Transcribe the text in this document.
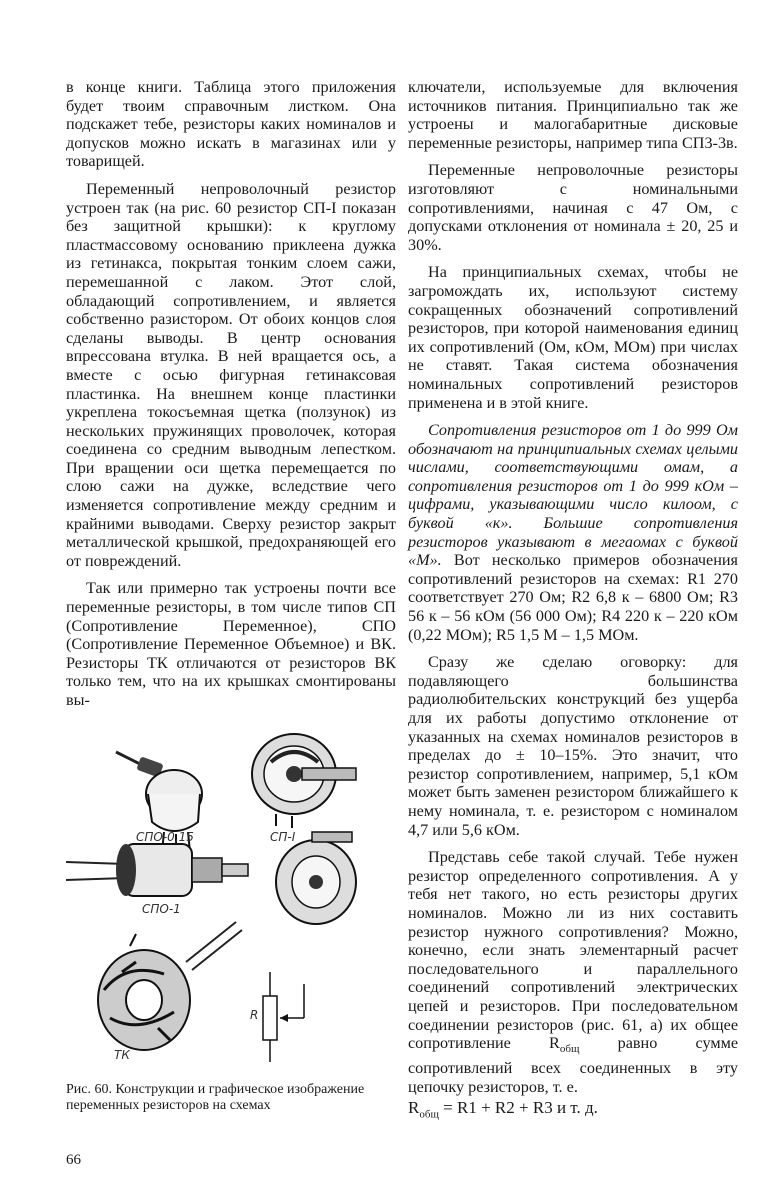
в конце книги. Таблица этого приложения будет твоим справочным листком. Она подскажет тебе, резисторы каких номиналов и допусков можно искать в магазинах или у товарищей.

Переменный непроволочный резистор устроен так (на рис. 60 резистор СП-I показан без защитной крышки): к круглому пластмассовому основанию приклеена дужка из гетинакса, покрытая тонким слоем сажи, перемешанной с лаком. Этот слой, обладающий сопротивлением, и является собственно разистором. От обоих концов слоя сделаны выводы. В центр основания впрессована втулка. В ней вращается ось, а вместе с осью фигурная гетинаксовая пластинка. На внешнем конце пластинки укреплена токосъемная щетка (ползунок) из нескольких пружинящих проволочек, которая соединена со средним выводным лепестком. При вращении оси щетка перемещается по слою сажи на дужке, вследствие чего изменяется сопротивление между средним и крайними выводами. Сверху резистор закрыт металлической крышкой, предохраняющей его от повреждений.

Так или примерно так устроены почти все переменные резисторы, в том числе типов СП (Сопротивление Переменное), СПО (Сопротивление Переменное Объемное) и ВК. Резисторы ТК отличаются от резисторов ВК только тем, что на их крышках смонтированы вы-

ключатели, используемые для включения источников питания. Принципиально так же устроены и малогабаритные дисковые переменные резисторы, например типа СП3-3в.

Переменные непроволочные резисторы изготовляют с номинальными сопротивлениями, начиная с 47 Ом, с допусками отклонения от номинала ± 20, 25 и 30%.

На принципиальных схемах, чтобы не загромождать их, используют систему сокращенных обозначений сопротивлений резисторов, при которой наименования единиц их сопротивлений (Ом, кОм, МОм) при числах не ставят. Такая система обозначения номинальных сопротивлений резисторов применена и в этой книге.

Сопротивления резисторов от 1 до 999 Ом обозначают на принципиальных схемах целыми числами, соответствующими омам, а сопротивления резисторов от 1 до 999 кОм – цифрами, указывающими число килоом, с буквой «к». Большие сопротивления резисторов указывают в мегаомах с буквой «М». Вот несколько примеров обозначения сопротивлений резисторов на схемах: R1 270 соответствует 270 Ом; R2 6,8 к – 6800 Ом; R3 56 к – 56 кОм (56 000 Ом); R4 220 к – 220 кОм (0,22 МОм); R5 1,5 М – 1,5 МОм.

Сразу же сделаю оговорку: для подавляющего большинства радиолюбительских конструкций без ущерба для их работы допустимо отклонение от указанных на схемах номиналов резисторов в пределах до ± 10–15%. Это значит, что резистор сопротивлением, например, 5,1 кОм может быть заменен резистором ближайшего к нему номинала, т. е. резистором с номиналом 4,7 или 5,6 кОм.

Представь себе такой случай. Тебе нужен резистор определенного сопротивления. А у тебя нет такого, но есть резисторы других номиналов. Можно ли из них составить резистор нужного сопротивления? Можно, конечно, если знать элементарный расчет последовательного и параллельного соединений сопротивлений электрических цепей и резисторов. При последовательном соединении резисторов (рис. 61, а) их общее сопротивление $R_{общ}$ равно сумме сопротивлений всех соединенных в эту цепочку резисторов, т. е.

СПО-0,15	СП-I
СПО-1
ТК
R

Рис. 60. Конструкции и графическое изображение переменных резисторов на схемах	$R_{общ} = R1 + R2 + R3$ и т. д.
66
